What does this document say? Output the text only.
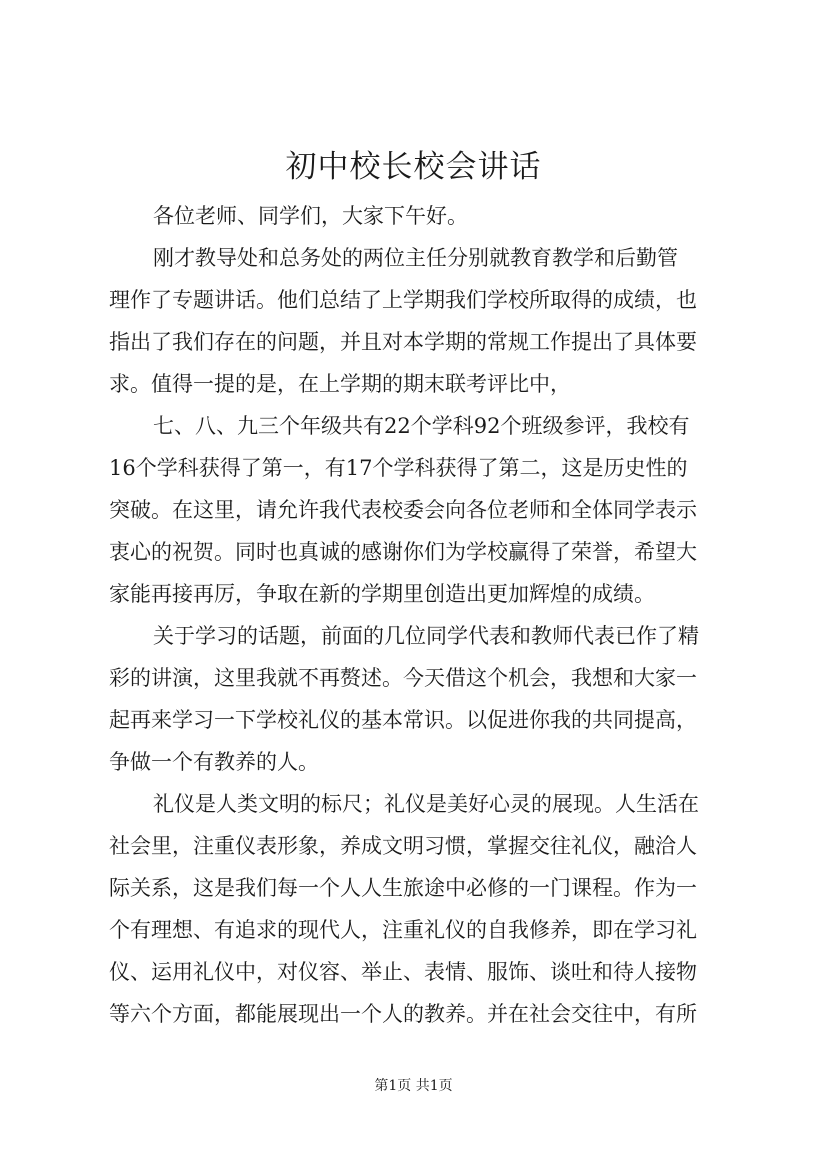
初中校长校会讲话
各位老师、同学们，大家下午好。
刚才教导处和总务处的两位主任分别就教育教学和后勤管
理作了专题讲话。他们总结了上学期我们学校所取得的成绩，也
指出了我们存在的问题，并且对本学期的常规工作提出了具体要
求。值得一提的是，在上学期的期末联考评比中，
七、八、九三个年级共有22个学科92个班级参评，我校有
16个学科获得了第一，有17个学科获得了第二，这是历史性的
突破。在这里，请允许我代表校委会向各位老师和全体同学表示
衷心的祝贺。同时也真诚的感谢你们为学校赢得了荣誉，希望大
家能再接再厉，争取在新的学期里创造出更加辉煌的成绩。
关于学习的话题，前面的几位同学代表和教师代表已作了精
彩的讲演，这里我就不再赘述。今天借这个机会，我想和大家一
起再来学习一下学校礼仪的基本常识。以促进你我的共同提高，
争做一个有教养的人。
礼仪是人类文明的标尺；礼仪是美好心灵的展现。人生活在
社会里，注重仪表形象，养成文明习惯，掌握交往礼仪，融洽人
际关系，这是我们每一个人人生旅途中必修的一门课程。作为一
个有理想、有追求的现代人，注重礼仪的自我修养，即在学习礼
仪、运用礼仪中，对仪容、举止、表情、服饰、谈吐和待人接物
等六个方面，都能展现出一个人的教养。并在社会交往中，有所
第1页 共1页
